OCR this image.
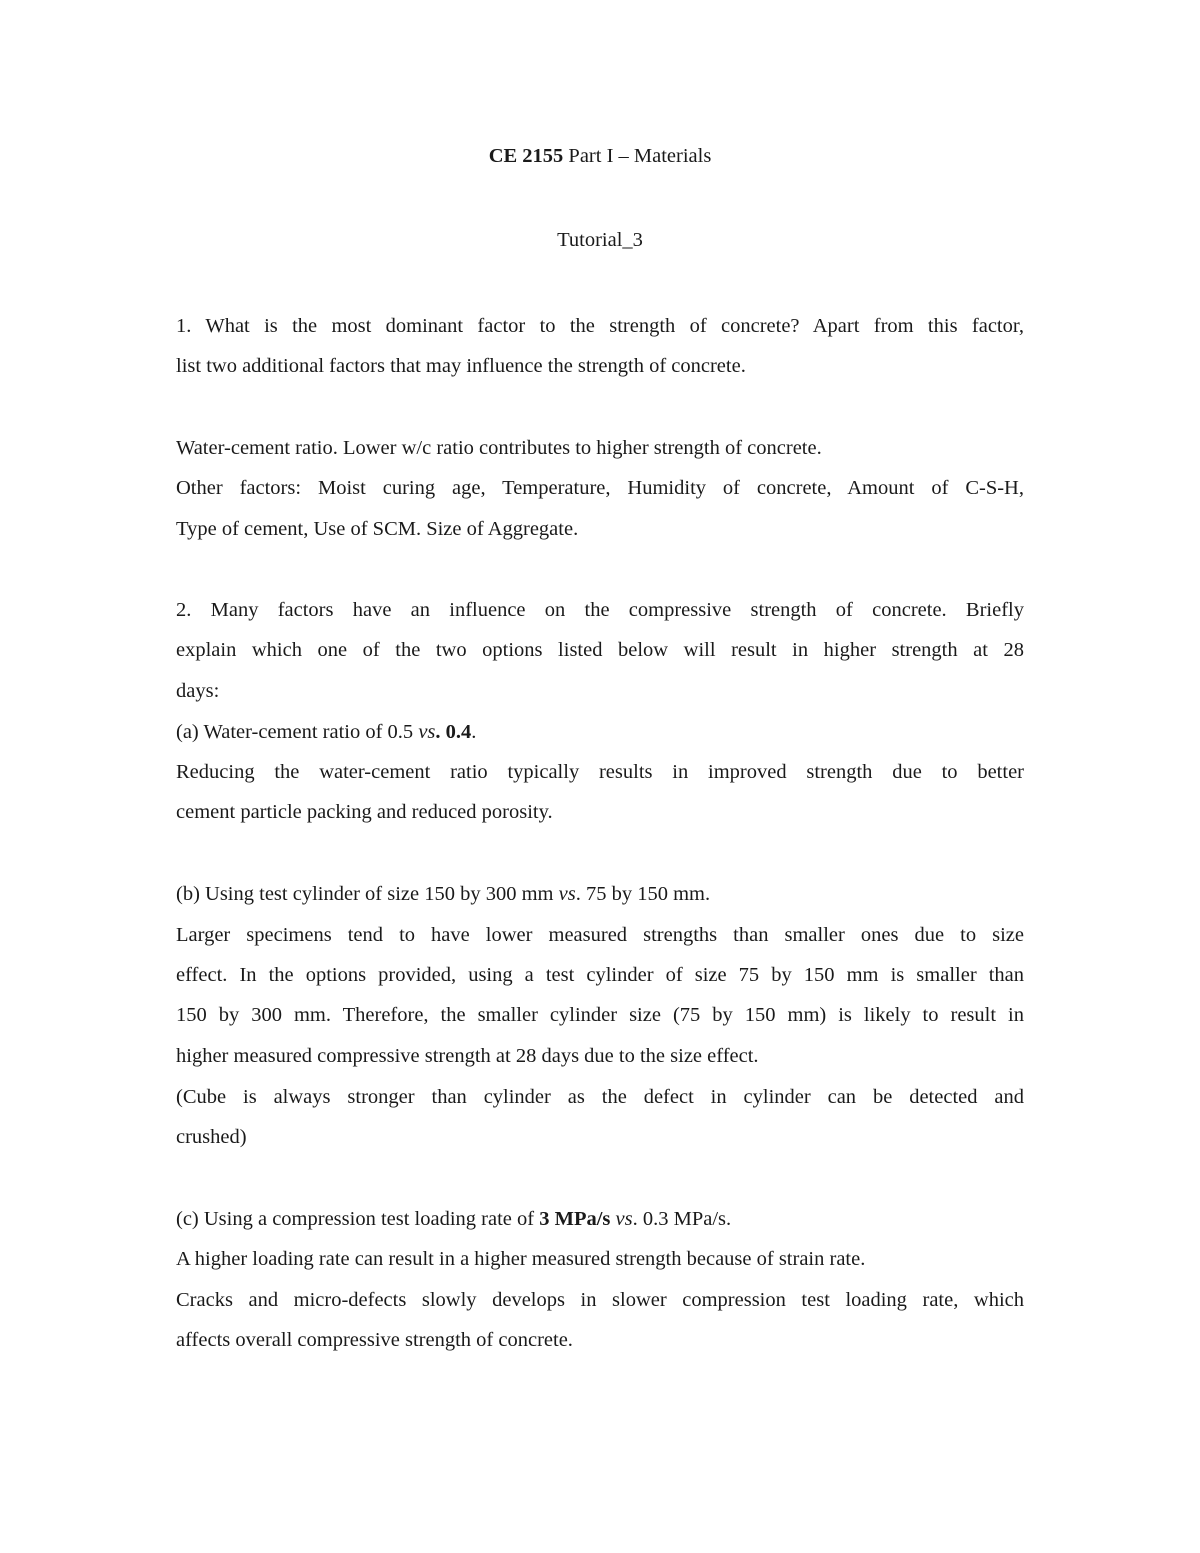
CE 2155 Part I – Materials
Tutorial_3
1. What is the most dominant factor to the strength of concrete? Apart from this factor,
list two additional factors that may influence the strength of concrete.
Water-cement ratio. Lower w/c ratio contributes to higher strength of concrete.
Other factors: Moist curing age, Temperature, Humidity of concrete, Amount of C-S-H,
Type of cement, Use of SCM. Size of Aggregate.
2. Many factors have an influence on the compressive strength of concrete. Briefly
explain which one of the two options listed below will result in higher strength at 28
days:
(a) Water-cement ratio of 0.5 vs. 0.4.
Reducing the water-cement ratio typically results in improved strength due to better
cement particle packing and reduced porosity.
(b) Using test cylinder of size 150 by 300 mm vs. 75 by 150 mm.
Larger specimens tend to have lower measured strengths than smaller ones due to size
effect. In the options provided, using a test cylinder of size 75 by 150 mm is smaller than
150 by 300 mm. Therefore, the smaller cylinder size (75 by 150 mm) is likely to result in
higher measured compressive strength at 28 days due to the size effect.
(Cube is always stronger than cylinder as the defect in cylinder can be detected and
crushed)
(c) Using a compression test loading rate of 3 MPa/s vs. 0.3 MPa/s.
A higher loading rate can result in a higher measured strength because of strain rate.
Cracks and micro-defects slowly develops in slower compression test loading rate, which
affects overall compressive strength of concrete.
